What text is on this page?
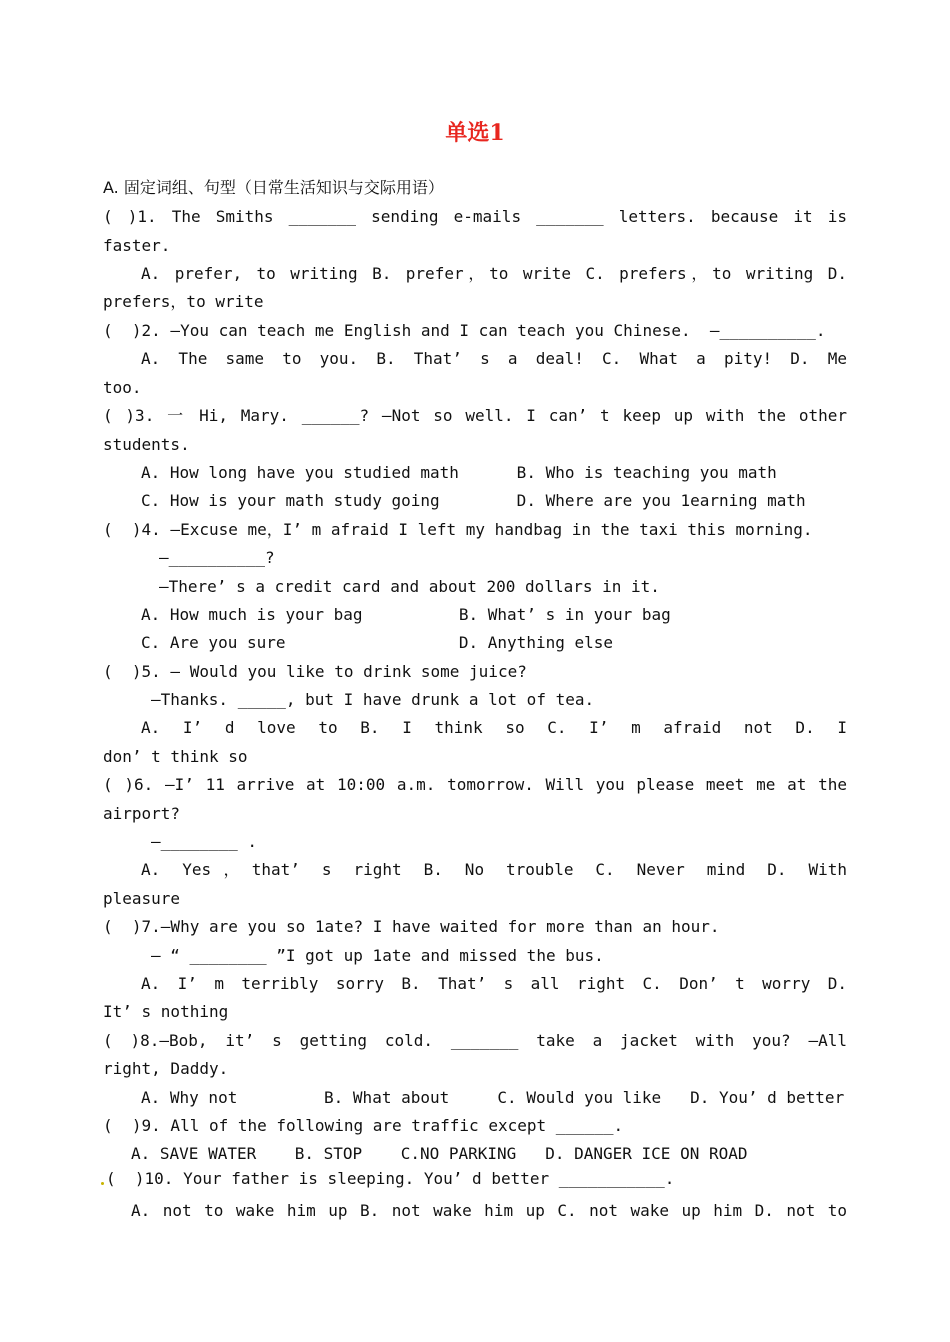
单选1
A. 固定词组、句型（日常生活知识与交际用语）
( )1. The Smiths _______ sending e-mails _______ letters. because it is
faster.
A. prefer, to writing B. prefer，to write C. prefers，to writing D.
prefers，to write
(  )2. —You can teach me English and I can teach you Chinese.  —__________.
A. The same to you. B. That’ s a deal! C. What a pity! D. Me
too.
( )3. 一 Hi, Mary. ______? —Not so well. I can’ t keep up with the other
students.
A. How long have you studied math      B. Who is teaching you math
C. How is your math study going        D. Where are you 1earning math
(  )4. —Excuse me，I’ m afraid I left my handbag in the taxi this morning.
—__________?
—There’ s a credit card and about 200 dollars in it.
A. How much is your bag          B. What’ s in your bag
C. Are you sure                  D. Anything else
(  )5. — Would you like to drink some juice?
—Thanks. _____, but I have drunk a lot of tea.
A. I’ d love to B. I think so C. I’ m afraid not D. I
don’ t think so
( )6. —I’ 11 arrive at 10:00 a.m. tomorrow. Will you please meet me at the
airport?
—________ .
A. Yes，that’ s right B. No trouble C. Never mind D. With
pleasure
(  )7.—Why are you so 1ate? I have waited for more than an hour.
— “ ________ ”I got up 1ate and missed the bus.
A. I’ m terribly sorry B. That’ s all right C. Don’ t worry D.
It’ s nothing
( )8.—Bob, it’ s getting cold. _______ take a jacket with you? —All
right, Daddy.
A. Why not         B. What about     C. Would you like   D. You’ d better
(  )9. All of the following are traffic except ______.
A. SAVE WATER    B. STOP    C.NO PARKING   D. DANGER ICE ON ROAD
(  )10. Your father is sleeping. You’ d better ___________.
A. not to wake him up B. not wake him up C. not wake up him D. not to
